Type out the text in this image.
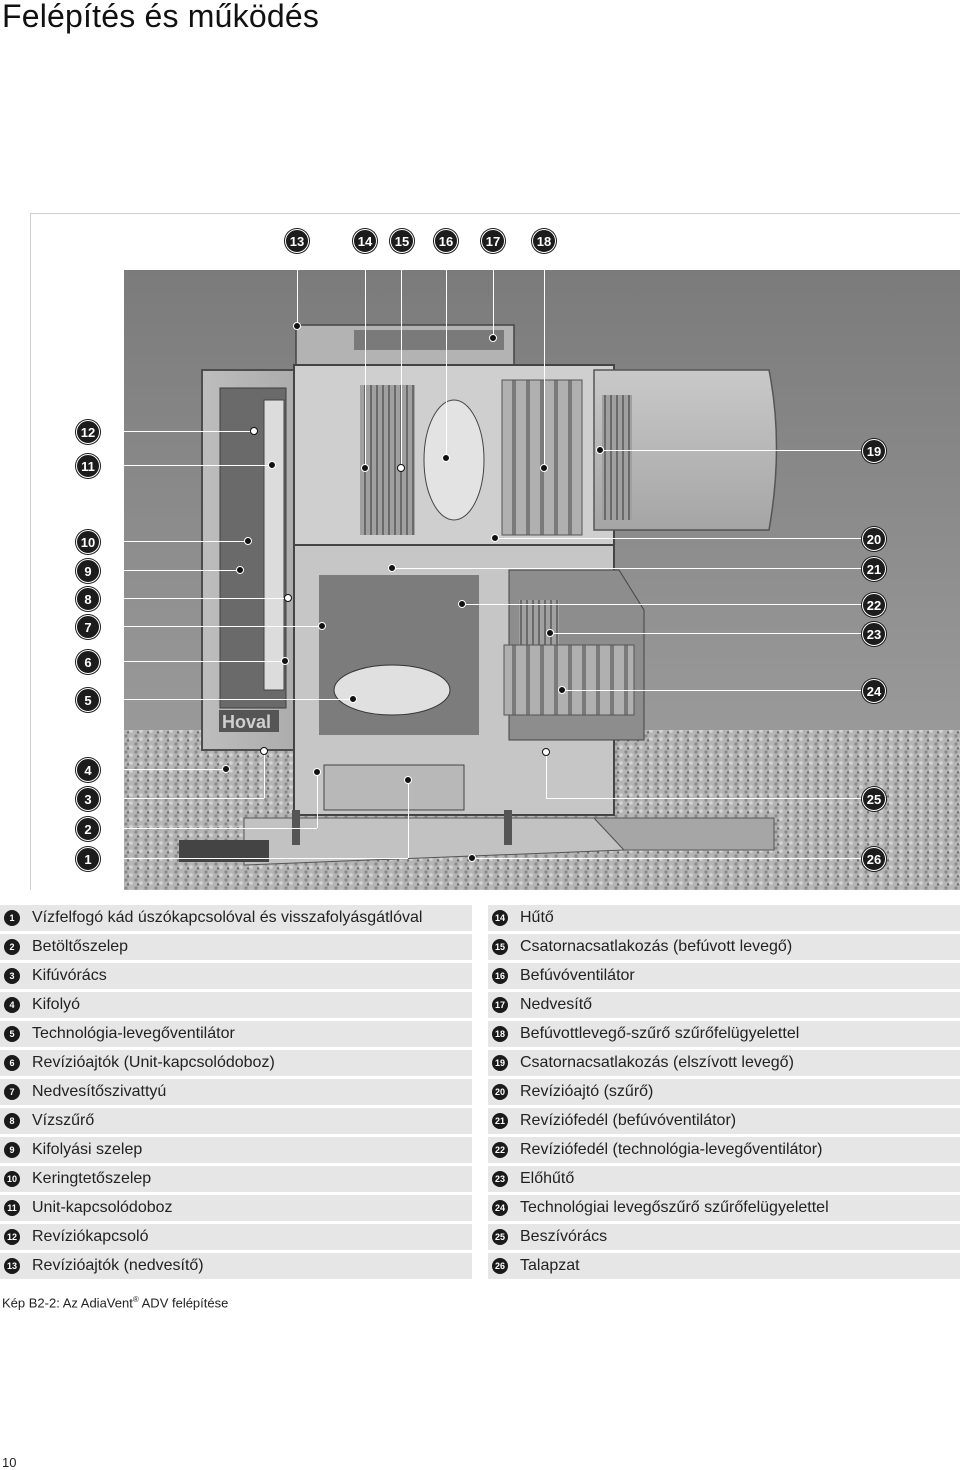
Felépítés és működés
Hoval
1
2
3
4
5
6
7
8
9
10
11
12
13	14	15	16	17	18
19
20
21
22
23
24
25
26
1	Vízfelfogó kád úszókapcsolóval és visszafolyásgátlóval
2	Betöltőszelep
3	Kifúvórács
4	Kifolyó
5	Technológia-levegőventilátor
6	Revízióajtók (Unit-kapcsolódoboz)
7	Nedvesítőszivattyú
8	Vízszűrő
9	Kifolyási szelep
10 Keringtetőszelep
11 Unit-kapcsolódoboz
12 Revíziókapcsoló
13 Revízióajtók (nedvesítő)
14 Hűtő
15 Csatornacsatlakozás (befúvott levegő)
16 Befúvóventilátor
17 Nedvesítő
18 Befúvottlevegő-szűrő szűrőfelügyelettel
19 Csatornacsatlakozás (elszívott levegő)
20 Revízióajtó (szűrő)
21 Revíziófedél (befúvóventilátor)
22 Revíziófedél (technológia-levegőventilátor)
23 Előhűtő
24 Technológiai levegőszűrő szűrőfelügyelettel
25 Beszívórács
26 Talapzat
Kép B2-2: Az AdiaVent® ADV felépítése
10
